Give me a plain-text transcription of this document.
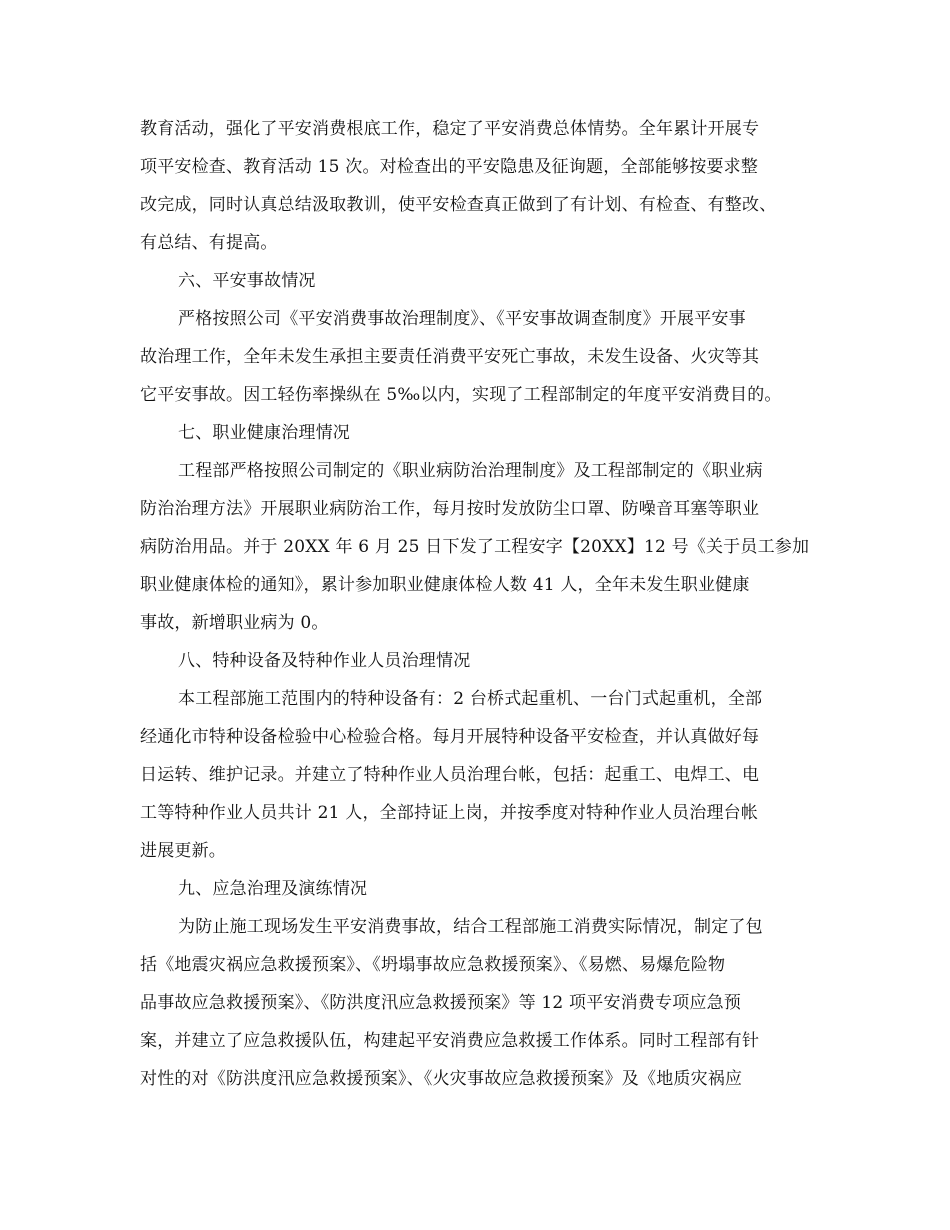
教育活动，强化了平安消费根底工作，稳定了平安消费总体情势。全年累计开展专
项平安检查、教育活动 15 次。对检查出的平安隐患及征询题，全部能够按要求整
改完成，同时认真总结汲取教训，使平安检查真正做到了有计划、有检查、有整改、
有总结、有提高。
六、平安事故情况
严格按照公司《平安消费事故治理制度》、《平安事故调查制度》开展平安事
故治理工作，全年未发生承担主要责任消费平安死亡事故，未发生设备、火灾等其
它平安事故。因工轻伤率操纵在 5‰以内，实现了工程部制定的年度平安消费目的。
七、职业健康治理情况
工程部严格按照公司制定的《职业病防治治理制度》及工程部制定的《职业病
防治治理方法》开展职业病防治工作，每月按时发放防尘口罩、防噪音耳塞等职业
病防治用品。并于 20XX 年 6 月 25 日下发了工程安字【20XX】12 号《关于员工参加
职业健康体检的通知》，累计参加职业健康体检人数 41 人，全年未发生职业健康
事故，新增职业病为 0。
八、特种设备及特种作业人员治理情况
本工程部施工范围内的特种设备有：2 台桥式起重机、一台门式起重机，全部
经通化市特种设备检验中心检验合格。每月开展特种设备平安检查，并认真做好每
日运转、维护记录。并建立了特种作业人员治理台帐，包括：起重工、电焊工、电
工等特种作业人员共计 21 人，全部持证上岗，并按季度对特种作业人员治理台帐
进展更新。
九、应急治理及演练情况
为防止施工现场发生平安消费事故，结合工程部施工消费实际情况，制定了包
括《地震灾祸应急救援预案》、《坍塌事故应急救援预案》、《易燃、易爆危险物
品事故应急救援预案》、《防洪度汛应急救援预案》等 12 项平安消费专项应急预
案，并建立了应急救援队伍，构建起平安消费应急救援工作体系。同时工程部有针
对性的对《防洪度汛应急救援预案》、《火灾事故应急救援预案》及《地质灾祸应
